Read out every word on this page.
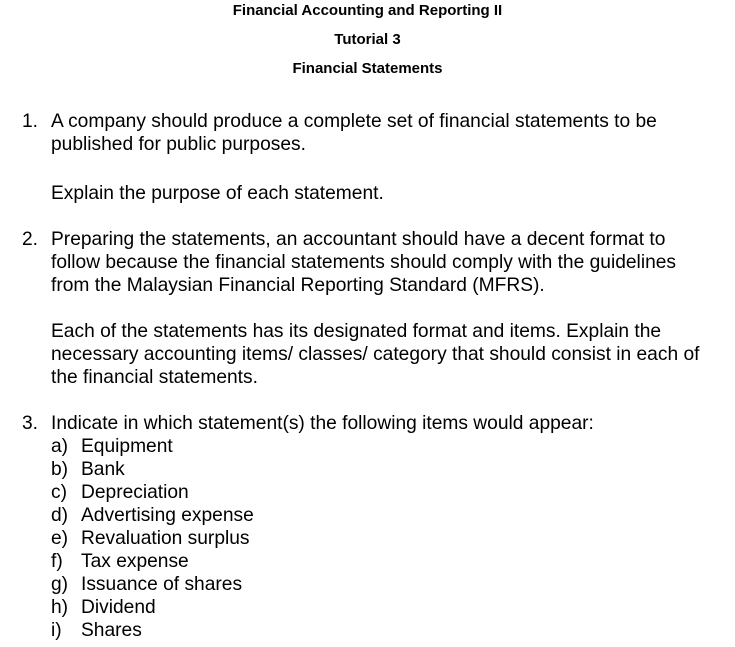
Financial Accounting and Reporting II
Tutorial 3
Financial Statements
1. A company should produce a complete set of financial statements to be
published for public purposes.
Explain the purpose of each statement.
2. Preparing the statements, an accountant should have a decent format to
follow because the financial statements should comply with the guidelines
from the Malaysian Financial Reporting Standard (MFRS).
Each of the statements has its designated format and items. Explain the
necessary accounting items/ classes/ category that should consist in each of
the financial statements.
3. Indicate in which statement(s) the following items would appear:
a) Equipment
b) Bank
c) Depreciation
d) Advertising expense
e) Revaluation surplus
f) Tax expense
g) Issuance of shares
h) Dividend
i) Shares
